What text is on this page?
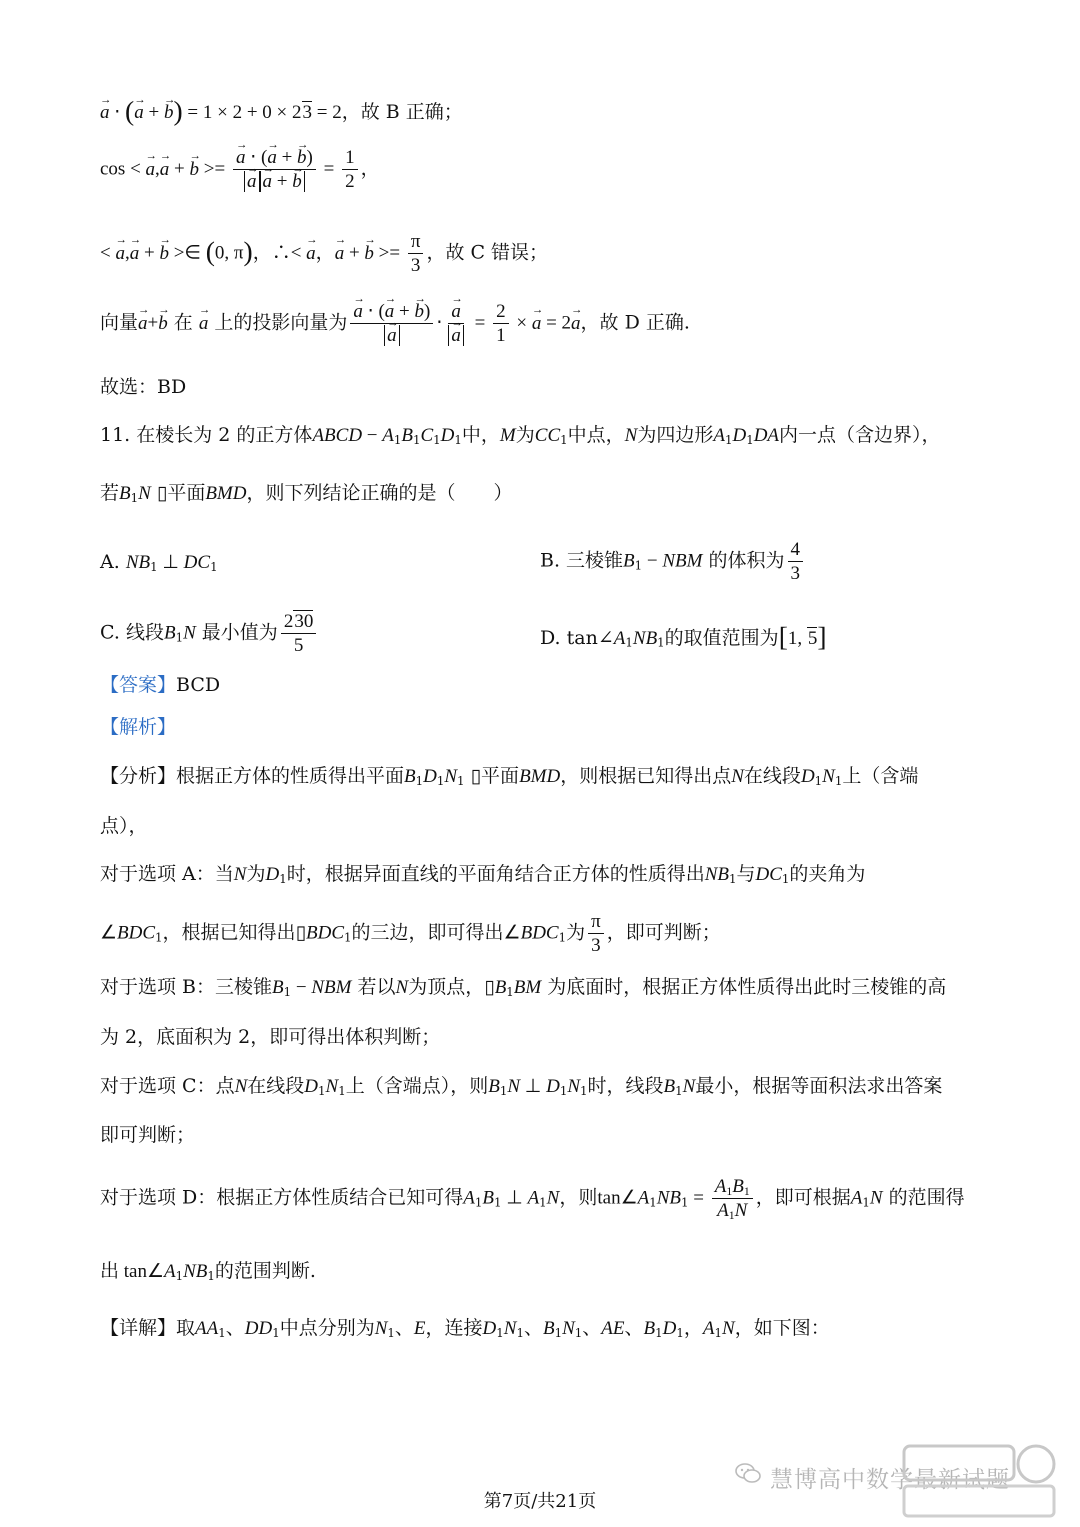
→ a ⋅ (→ a + → b) = 1 × 2 + 0 × 23 = 2，故 B 正确；
cos < → a,→ a + → b >= → a ⋅ (→ a + → b)
→ a → a + → $b = \frac{1}{2}$ ，
< → a,→ a + → b >∈ (0, π)，∴< → a，→ a + → $b >= \frac{\pi}{3}$ ，故 C 错误；
向量→ a+→ b 在 → a 上的投影向量为 → a ⋅ (→ a + → b)
→ a ⋅ → a
→ $a = \frac{2}{1}$ × → a = 2→ a，故 D 正确.
故选：BD
11. 在棱长为 2 的正方体ABCD − $A_1B_1C_1D_1$中，M为$CC_1$中点，N为四边形$A_1D_1DA$内一点（含边界），
若$B_1N$ ▯平面BMD，则下列结论正确的是（　　）
A. $NB_1$ ⊥ $DC_1$	B. 三棱锥$B_1$ − NBM 的体积为 $\frac{4}{3}$
C. 线段$B_1N$ 最小值为 $\frac{230}{5}$	D. $\tan\angle A_1NB_1$的取值范围为[1, 5]
【答案】BCD
【解析】
【分析】根据正方体的性质得出平面$B_1D_1N_1$ ▯平面BMD，则根据已知得出点N在线段$D_1N_1$上（含端
点），
对于选项 A：当N为$D_1$时，根据异面直线的平面角结合正方体的性质得出$NB_1$与$DC_1$的夹角为
$\angle BDC_1$，根据已知得出$▯BDC_1$的三边，即可得出$\angle BDC_1$为 $\frac{\pi}{3}$ ，即可判断；
对于选项 B：三棱锥$B_1$ − NBM 若以N为顶点，$▯B_1BM$ 为底面时，根据正方体性质得出此时三棱锥的高
为 2，底面积为 2，即可得出体积判断；
对于选项 C：点N在线段$D_1N_1$上（含端点），则$B_1N$ ⊥ $D_1N_1$时，线段$B_1N$最小，根据等面积法求出答案
即可判断；
对于选项 D：根据正方体性质结合已知可得$A_1B_1$ ⊥ $A_1N$，则$\tan\angle A_1NB_1 = \frac{A_1B_1}{A_1N}$ ，即可根据$A_1N$ 的范围得
出 $\tan\angle A_1NB_1$的范围判断.
【详解】取$AA_1$、$DD_1$中点分别为$N_1$、E，连接$D_1N_1$、$B_1N_1$、AE、$B_1D_1$，$A_1N$，如下图：
慧博高中数学最新试题
第7页/共21页
